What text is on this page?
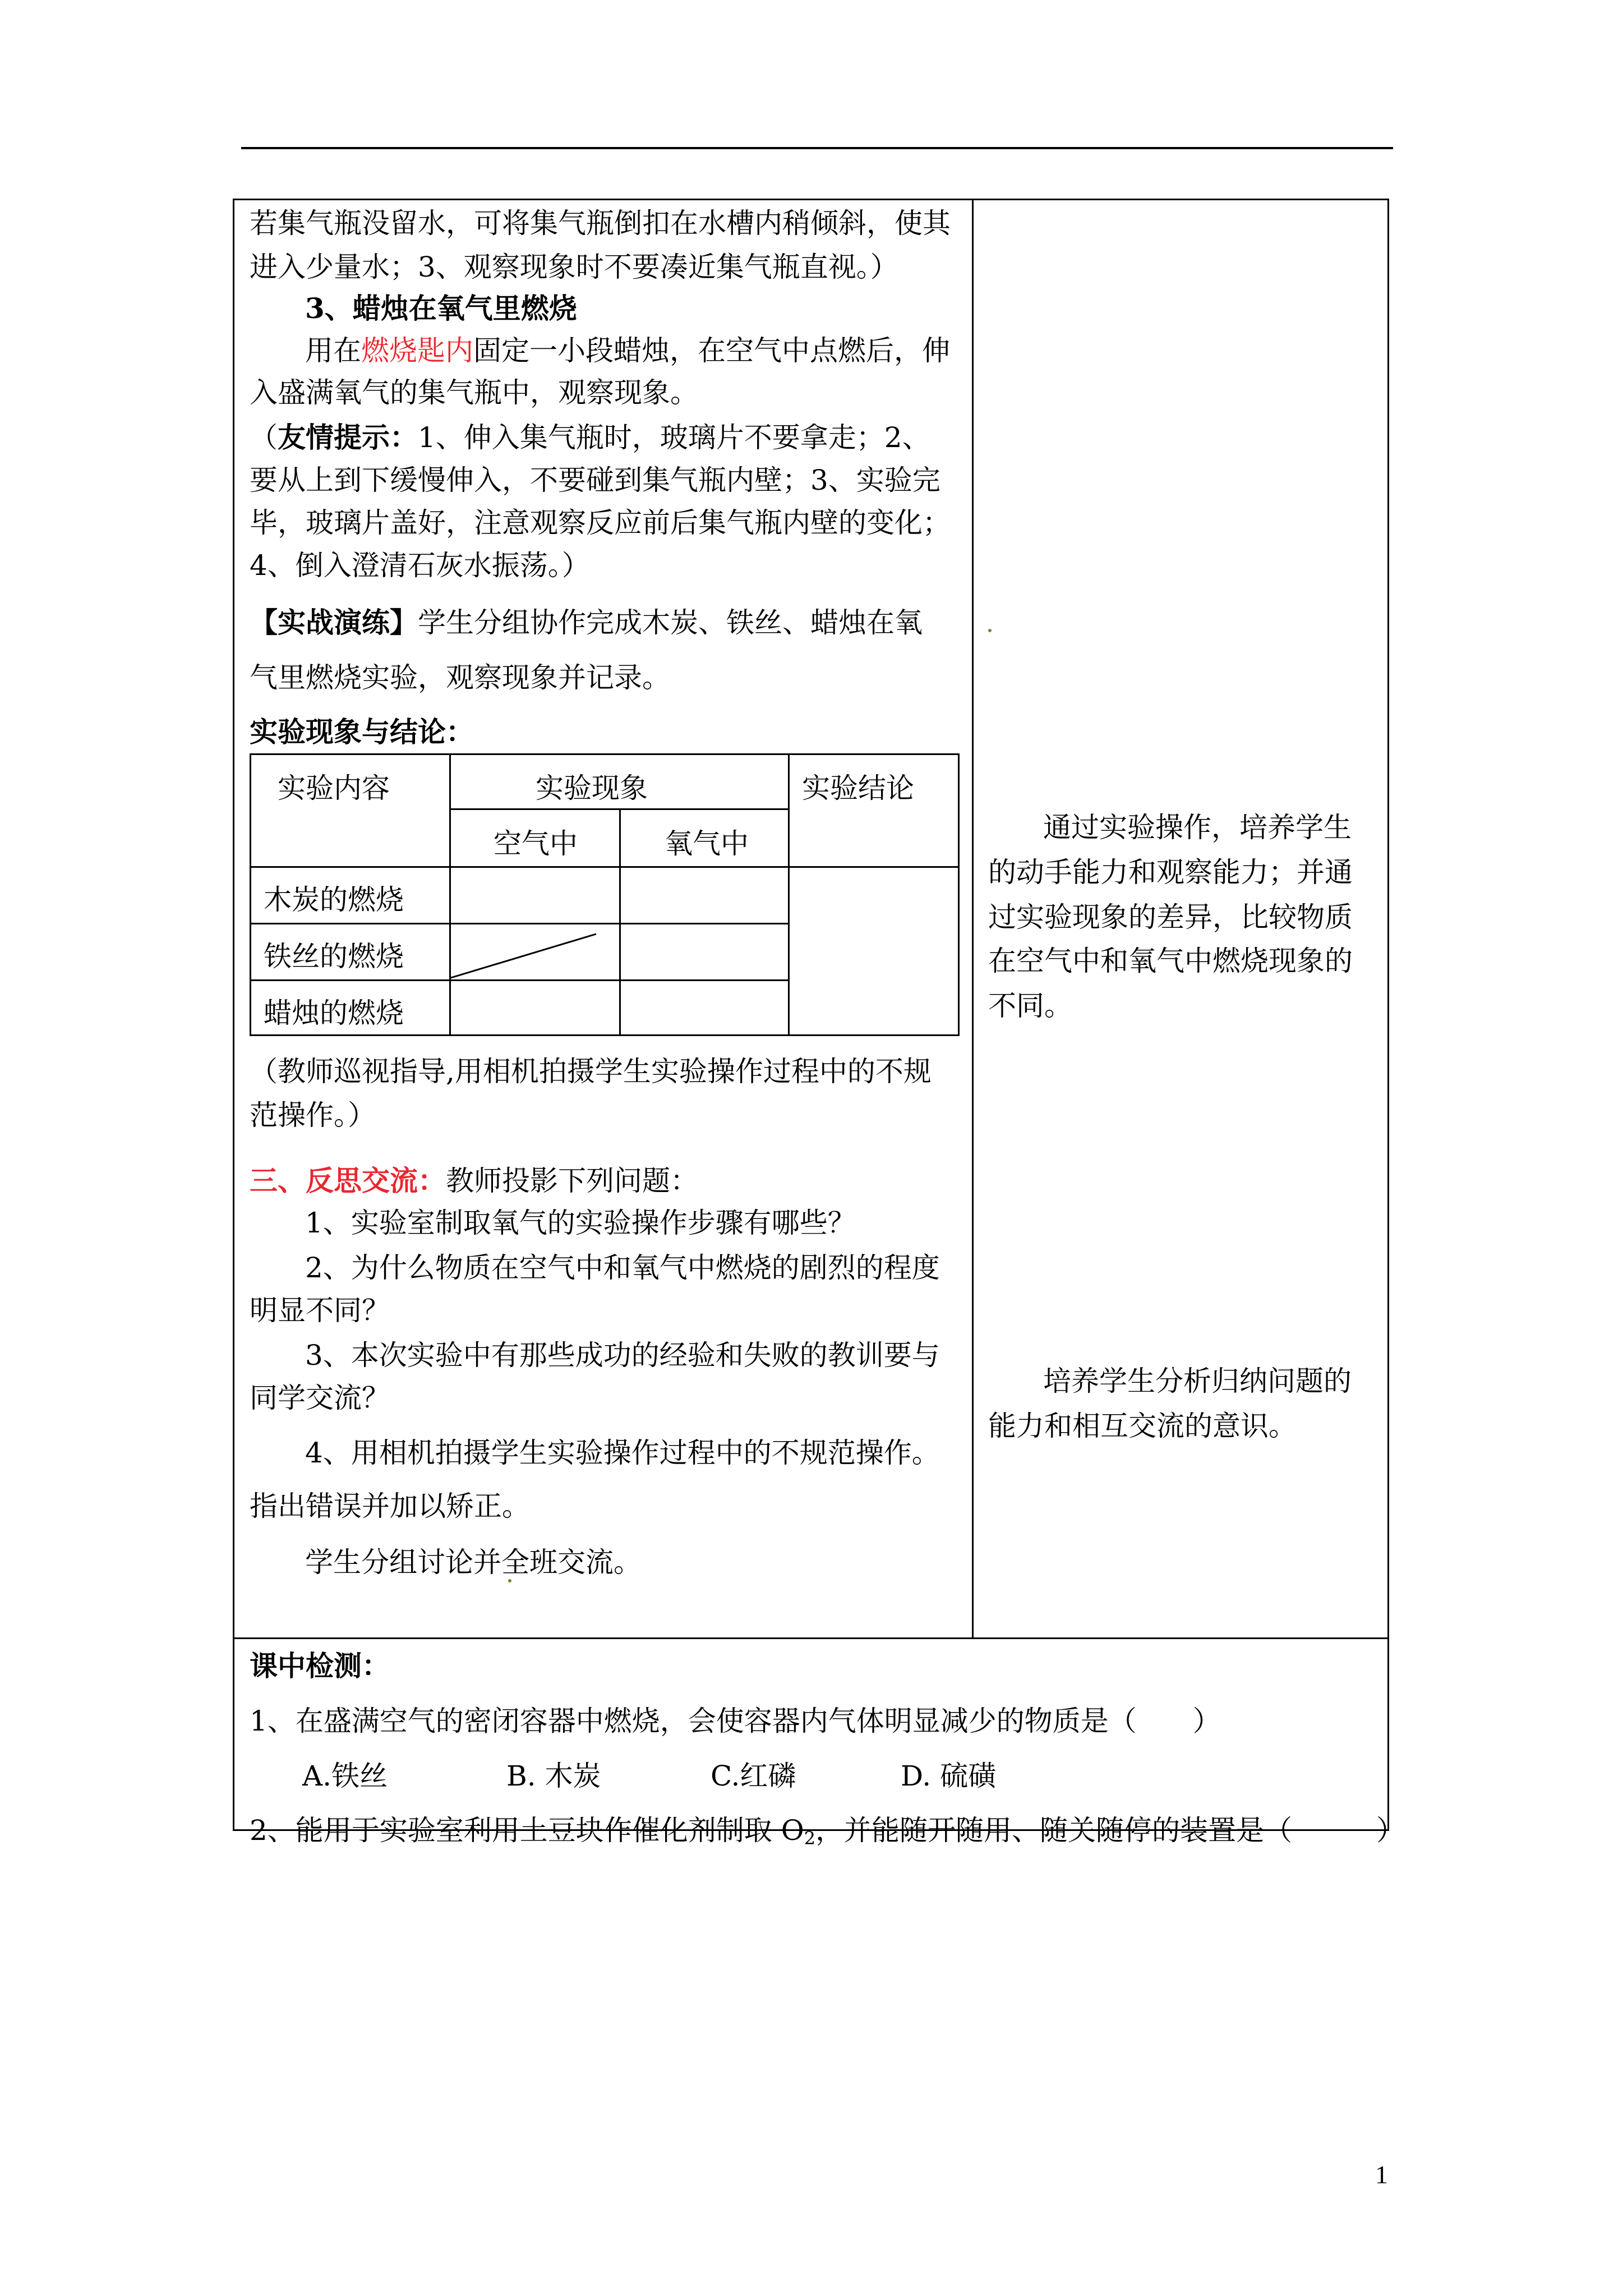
若集气瓶没留水，可将集气瓶倒扣在水槽内稍倾斜，使其
进入少量水；3、观察现象时不要凑近集气瓶直视。）
3、蜡烛在氧气里燃烧
用在燃烧匙内固定一小段蜡烛，在空气中点燃后，伸
入盛满氧气的集气瓶中，观察现象。
（友情提示：1、伸入集气瓶时，玻璃片不要拿走；2、
要从上到下缓慢伸入，不要碰到集气瓶内壁；3、实验完
毕，玻璃片盖好，注意观察反应前后集气瓶内壁的变化；
4、倒入澄清石灰水振荡。）
【实战演练】学生分组协作完成木炭、铁丝、蜡烛在氧
气里燃烧实验，观察现象并记录。
实验现象与结论：
实验内容	实验现象	实验结论
空气中	氧气中
木炭的燃烧
铁丝的燃烧
蜡烛的燃烧
（教师巡视指导,用相机拍摄学生实验操作过程中的不规
范操作。）
三、反思交流：教师投影下列问题：
1、实验室制取氧气的实验操作步骤有哪些？
2、为什么物质在空气中和氧气中燃烧的剧烈的程度
明显不同？
3、本次实验中有那些成功的经验和失败的教训要与
同学交流？
4、用相机拍摄学生实验操作过程中的不规范操作。
指出错误并加以矫正。
学生分组讨论并全班交流。
通过实验操作，培养学生
的动手能力和观察能力；并通
过实验现象的差异，比较物质
在空气中和氧气中燃烧现象的
不同。
培养学生分析归纳问题的
能力和相互交流的意识。
课中检测：
1、在盛满空气的密闭容器中燃烧，会使容器内气体明显减少的物质是（　　）
A.铁丝	B. 木炭	C.红磷	D. 硫磺
2、能用于实验室利用土豆块作催化剂制取 $O_2$，并能随开随用、随关随停的装置是（　　　）
1
